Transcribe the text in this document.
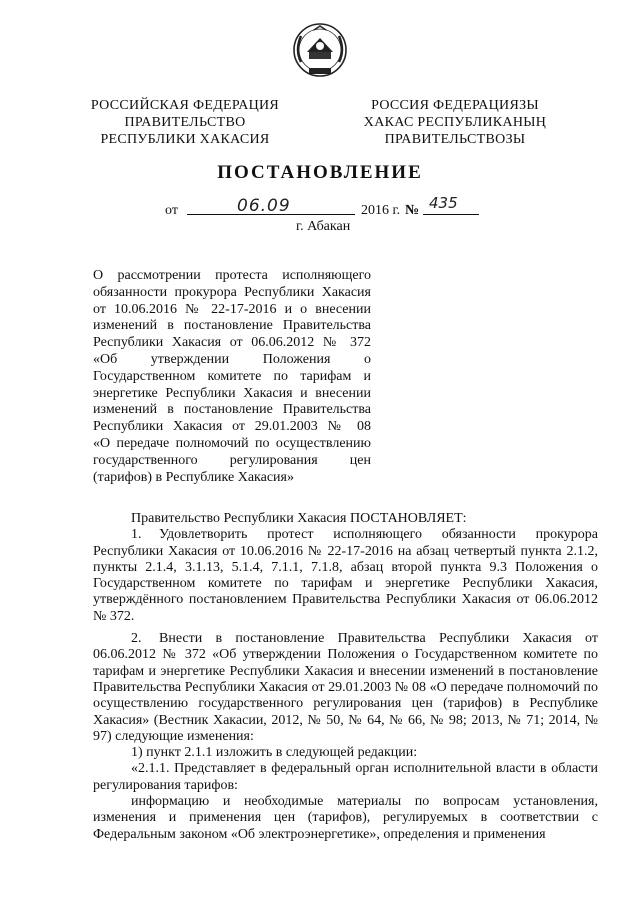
РОССИЙСКАЯ ФЕДЕРАЦИЯ
ПРАВИТЕЛЬСТВО
РЕСПУБЛИКИ ХАКАСИЯ
РОССИЯ ФЕДЕРАЦИЯЗЫ
ХАКАС РЕСПУБЛИКАНЫҢ
ПРАВИТЕЛЬСТВОЗЫ
ПОСТАНОВЛЕНИЕ
от	06.09	2016 г. № 435
г. Абакан
О рассмотрении протеста исполняющего
обязанности прокурора Республики Хакасия
от 10.06.2016 № 22-17-2016 и о внесении
изменений в постановление Правительства
Республики Хакасия от 06.06.2012 № 372
«Об утверждении Положения о
Государственном комитете по тарифам и
энергетике Республики Хакасия и внесении
изменений в постановление Правительства
Республики Хакасия от 29.01.2003 № 08
«О передаче полномочий по осуществлению
государственного регулирования цен
(тарифов) в Республике Хакасия»

Правительство Республики Хакасия ПОСТАНОВЛЯЕТ:

1. Удовлетворить протест исполняющего обязанности прокурора Республики Хакасия от 10.06.2016 № 22-17-2016 на абзац четвертый пункта 2.1.2, пункты 2.1.4, 3.1.13, 5.1.4, 7.1.1, 7.1.8, абзац второй пункта 9.3 Положения о Государственном комитете по тарифам и энергетике Республики Хакасия, утверждённого постановлением Правительства Республики Хакасия от 06.06.2012 № 372.

2. Внести в постановление Правительства Республики Хакасия от 06.06.2012 № 372 «Об утверждении Положения о Государственном комитете по тарифам и энергетике Республики Хакасия и внесении изменений в постановление Правительства Республики Хакасия от 29.01.2003 № 08 «О передаче полномочий по осуществлению государственного регулирования цен (тарифов) в Республике Хакасия» (Вестник Хакасии, 2012, № 50, № 64, № 66, № 98; 2013, № 71; 2014, № 97) следующие изменения:

1) пункт 2.1.1 изложить в следующей редакции:

«2.1.1. Представляет в федеральный орган исполнительной власти в области регулирования тарифов:

информацию и необходимые материалы по вопросам установления, изменения и применения цен (тарифов), регулируемых в соответствии с Федеральным законом «Об электроэнергетике», определения и применения
